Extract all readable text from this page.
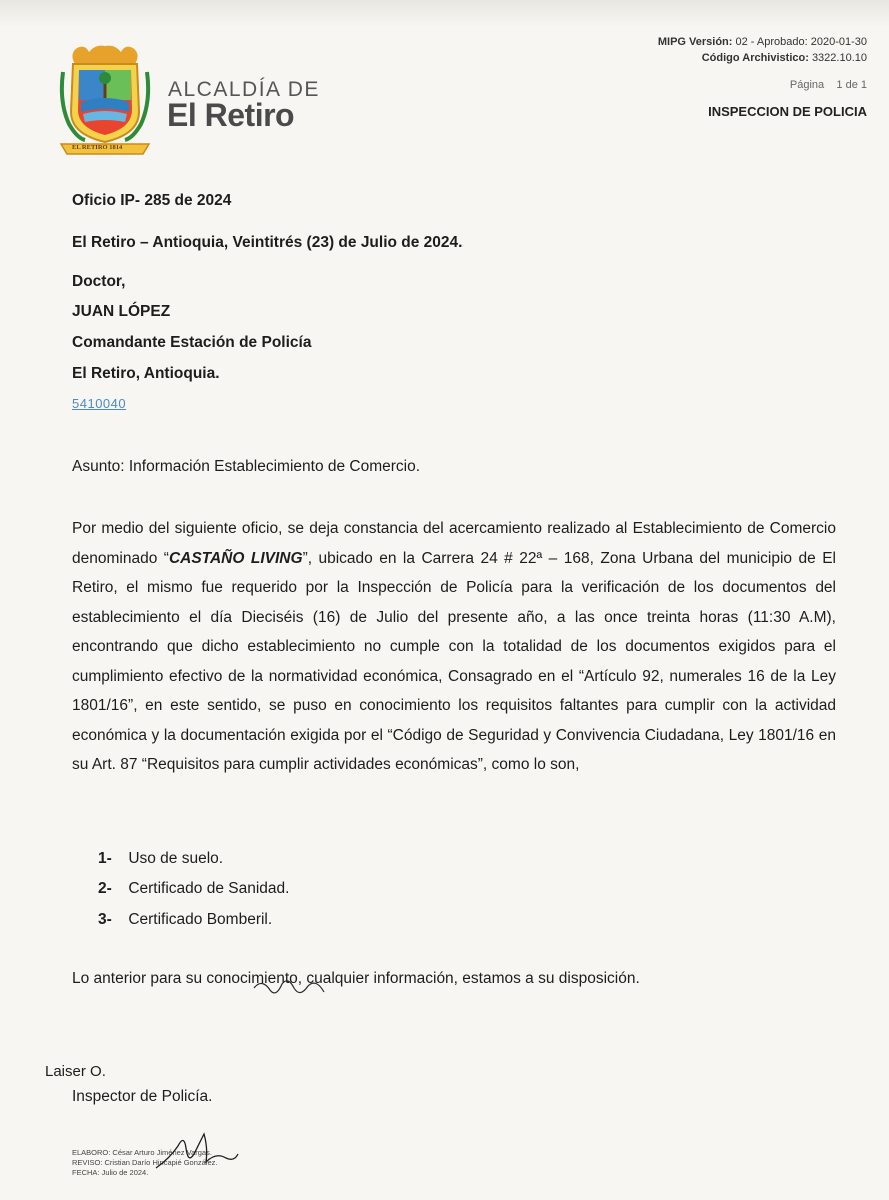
EL RETIRO 1814
ALCALDÍA DE
El Retiro
MIPG Versión: 02 - Aprobado: 2020-01-30
Código Archivistico: 3322.10.10
Página 1 de 1
INSPECCION DE POLICIA
Oficio IP- 285 de 2024
El Retiro – Antioquia, Veintitrés (23) de Julio de 2024.
Doctor,
JUAN LÓPEZ
Comandante Estación de Policía
El Retiro, Antioquia.
5410040
Asunto: Información Establecimiento de Comercio.
Por medio del siguiente oficio, se deja constancia del acercamiento realizado al Establecimiento de Comercio denominado “CASTAÑO LIVING”, ubicado en la Carrera 24 # 22ª – 168, Zona Urbana del municipio de El Retiro, el mismo fue requerido por la Inspección de Policía para la verificación de los documentos del establecimiento el día Dieciséis (16) de Julio del presente año, a las once treinta horas (11:30 A.M), encontrando que dicho establecimiento no cumple con la totalidad de los documentos exigidos para el cumplimiento efectivo de la normatividad económica, Consagrado en el “Artículo 92, numerales 16 de la Ley 1801/16”, en este sentido, se puso en conocimiento los requisitos faltantes para cumplir con la actividad económica y la documentación exigida por el “Código de Seguridad y Convivencia Ciudadana, Ley 1801/16 en su Art. 87 “Requisitos para cumplir actividades económicas”, como lo son,
1- Uso de suelo.
2- Certificado de Sanidad.
3- Certificado Bomberil.
Lo anterior para su conocimiento, cualquier información, estamos a su disposición.
Laiser O.
Inspector de Policía.
ELABORO: César Arturo Jiménez Vargas.
REVISO: Cristian Darío Hincapié González.
FECHA: Julio de 2024.
